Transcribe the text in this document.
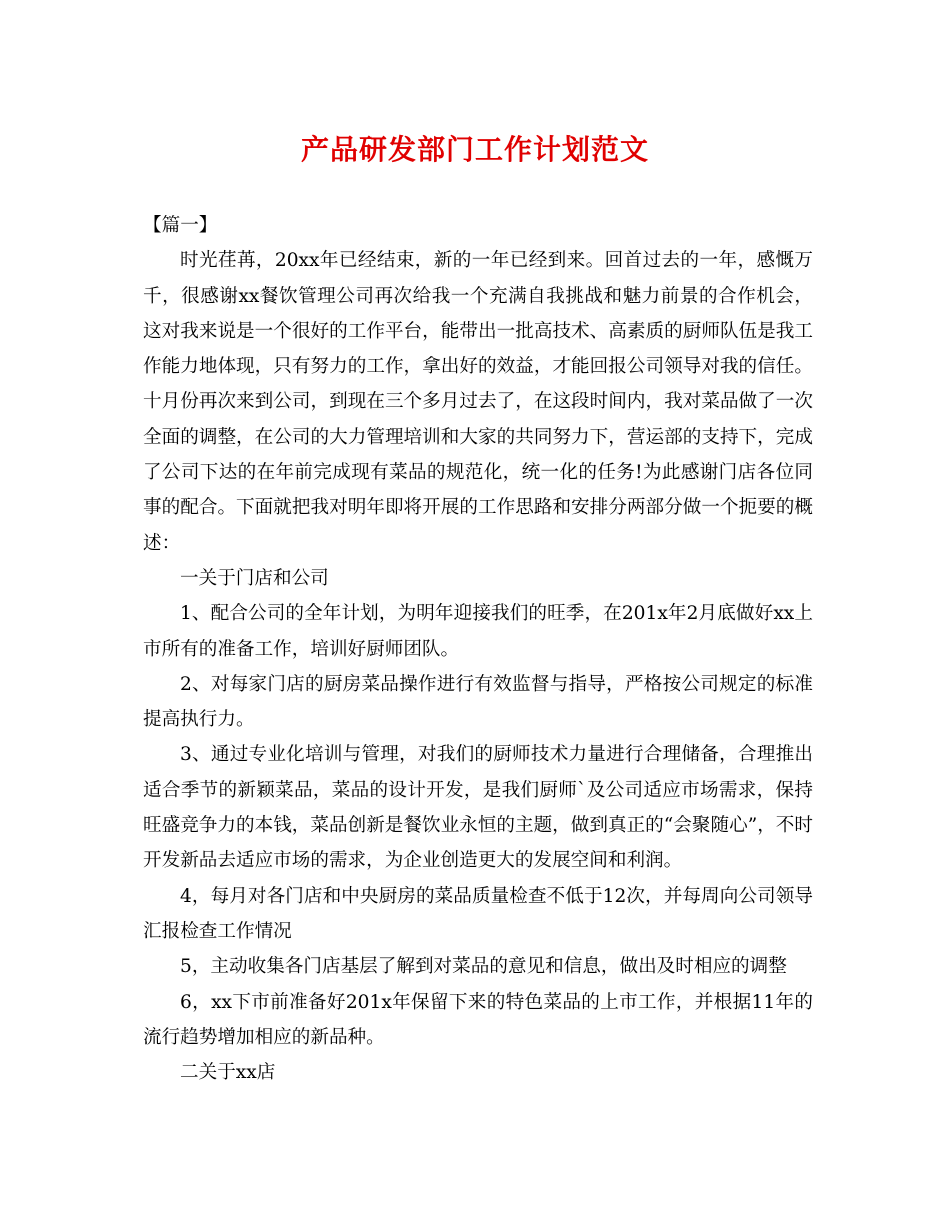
产品研发部门工作计划范文

【篇一】

时光荏苒，20xx年已经结束，新的一年已经到来。回首过去的一年，感慨万千，很感谢xx餐饮管理公司再次给我一个充满自我挑战和魅力前景的合作机会，这对我来说是一个很好的工作平台，能带出一批高技术、高素质的厨师队伍是我工作能力地体现，只有努力的工作，拿出好的效益，才能回报公司领导对我的信任。十月份再次来到公司，到现在三个多月过去了，在这段时间内，我对菜品做了一次全面的调整，在公司的大力管理培训和大家的共同努力下，营运部的支持下，完成了公司下达的在年前完成现有菜品的规范化，统一化的任务!为此感谢门店各位同事的配合。下面就把我对明年即将开展的工作思路和安排分两部分做一个扼要的概述：

一关于门店和公司

1、配合公司的全年计划，为明年迎接我们的旺季，在201x年2月底做好xx上市所有的准备工作，培训好厨师团队。

2、对每家门店的厨房菜品操作进行有效监督与指导，严格按公司规定的标准提高执行力。

3、通过专业化培训与管理，对我们的厨师技术力量进行合理储备，合理推出适合季节的新颖菜品，菜品的设计开发，是我们厨师`及公司适应市场需求，保持旺盛竞争力的本钱，菜品创新是餐饮业永恒的主题，做到真正的“会聚随心”，不时开发新品去适应市场的需求，为企业创造更大的发展空间和利润。

4，每月对各门店和中央厨房的菜品质量检查不低于12次，并每周向公司领导汇报检查工作情况

5，主动收集各门店基层了解到对菜品的意见和信息，做出及时相应的调整

6，xx下市前准备好201x年保留下来的特色菜品的上市工作，并根据11年的流行趋势增加相应的新品种。

二关于xx店
